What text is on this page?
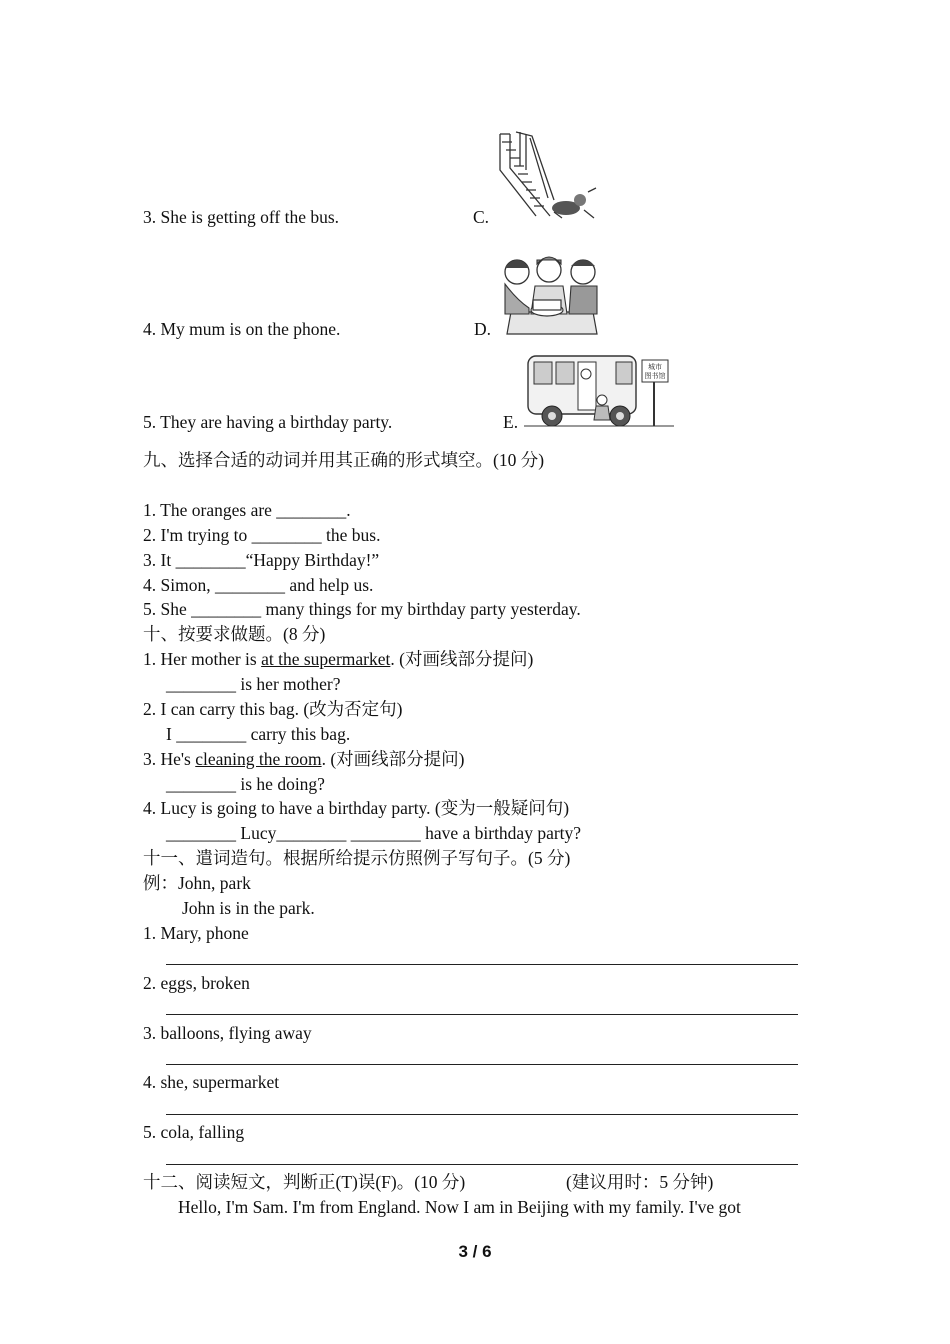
3. She is getting off the bus.	C.
4. My mum is on the phone.	D.
5. They are having a birthday party.	E.
城市
图书馆
九、选择合适的动词并用其正确的形式填空。(10 分)
1. The oranges are ________.
2. I'm trying to ________ the bus.
3. It ________“Happy Birthday!”
4. Simon, ________ and help us.
5. She ________ many things for my birthday party yesterday.
十、按要求做题。(8 分)
1. Her mother is at the supermarket. (对画线部分提问)
________ is her mother?
2. I can carry this bag. (改为否定句)
I ________ carry this bag.
3. He's cleaning the room. (对画线部分提问)
________ is he doing?
4. Lucy is going to have a birthday party. (变为一般疑问句)
________ Lucy________ ________ have a birthday party?
十一、遣词造句。根据所给提示仿照例子写句子。(5 分)
例：John, park
John is in the park.
1. Mary, phone
2. eggs, broken
3. balloons, flying away
4. she, supermarket
5. cola, falling
十二、阅读短文，判断正(T)误(F)。(10 分)	(建议用时：5 分钟)
Hello, I'm Sam. I'm from England. Now I am in Beijing with my family. I've got
3 / 6
